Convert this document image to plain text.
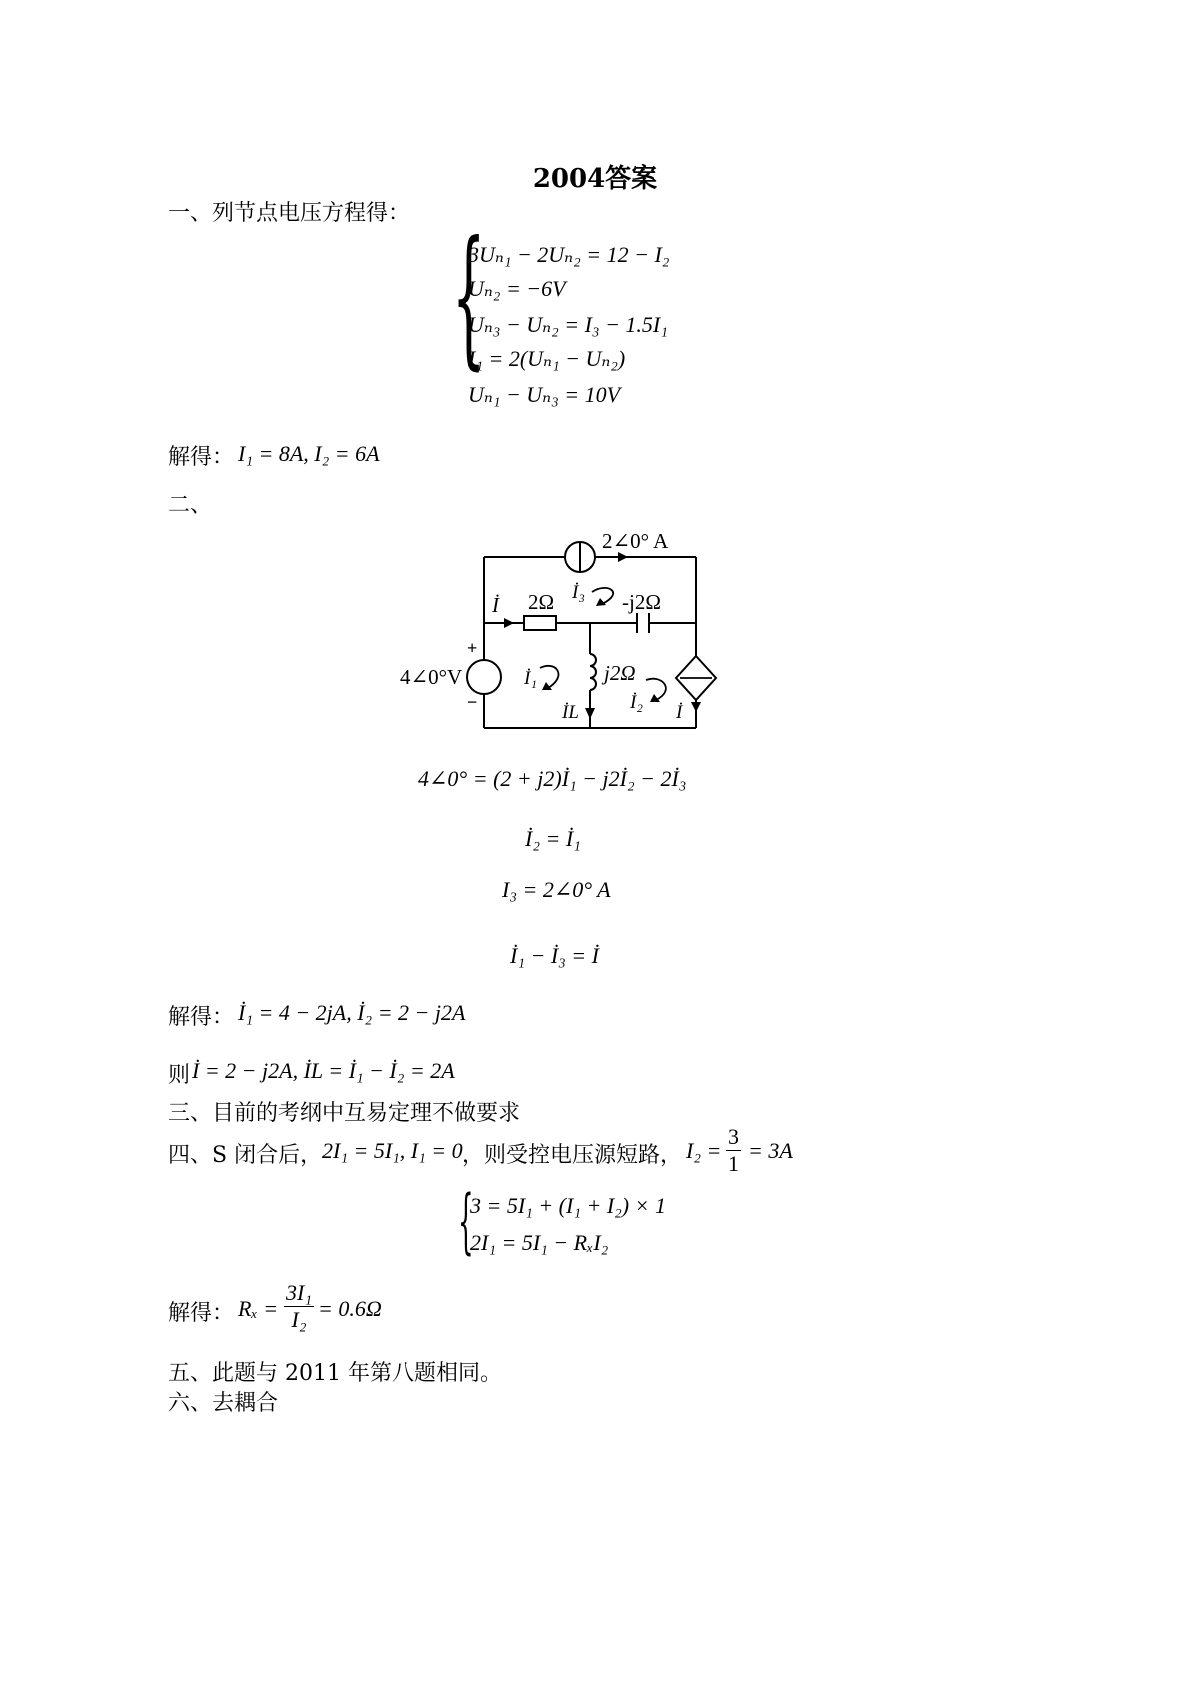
2004答案
一、列节点电压方程得： {
3Uₙ₁ − 2Uₙ₂ = 12 − I₂
Uₙ₂ = −6V
Uₙ₃ − Uₙ₂ = I₃ − 1.5I₁
I₁ = 2(Uₙ₁ − Uₙ₂)
Uₙ₁ − Uₙ₃ = 10V
解得： I₁ = 8A, I₂ = 6A
二、
2∠0° A
2Ω
İ	-j2Ω
İ₃
j2Ω
İL
+
−
4∠0°V	İ₁
İ₂ İ
4∠0° = (2 + j2)İ₁ − j2İ₂ − 2İ₃
İ₂ = İ₁
I₃ = 2∠0° A
İ₁ − İ₃ = İ
解得： İ₁ = 4 − 2jA, İ₂ = 2 − j2A
则 İ = 2 − j2A, İL = İ₁ − İ₂ = 2A
三、目前的考纲中互易定理不做要求
四、S 闭合后， 2I₁ = 5I₁, I₁ = 0 ，则受控电压源短路， $I_2 = \frac{3}{1} = 3A$
{
3 = 5I₁ + (I₁ + I₂) × 1
2I₁ = 5I₁ − RₓI₂
解得： $R_x = \frac{\text{3I₁}}{\text{I₂}} = 0.6\Omega$
五、此题与 2011 年第八题相同。
六、去耦合
